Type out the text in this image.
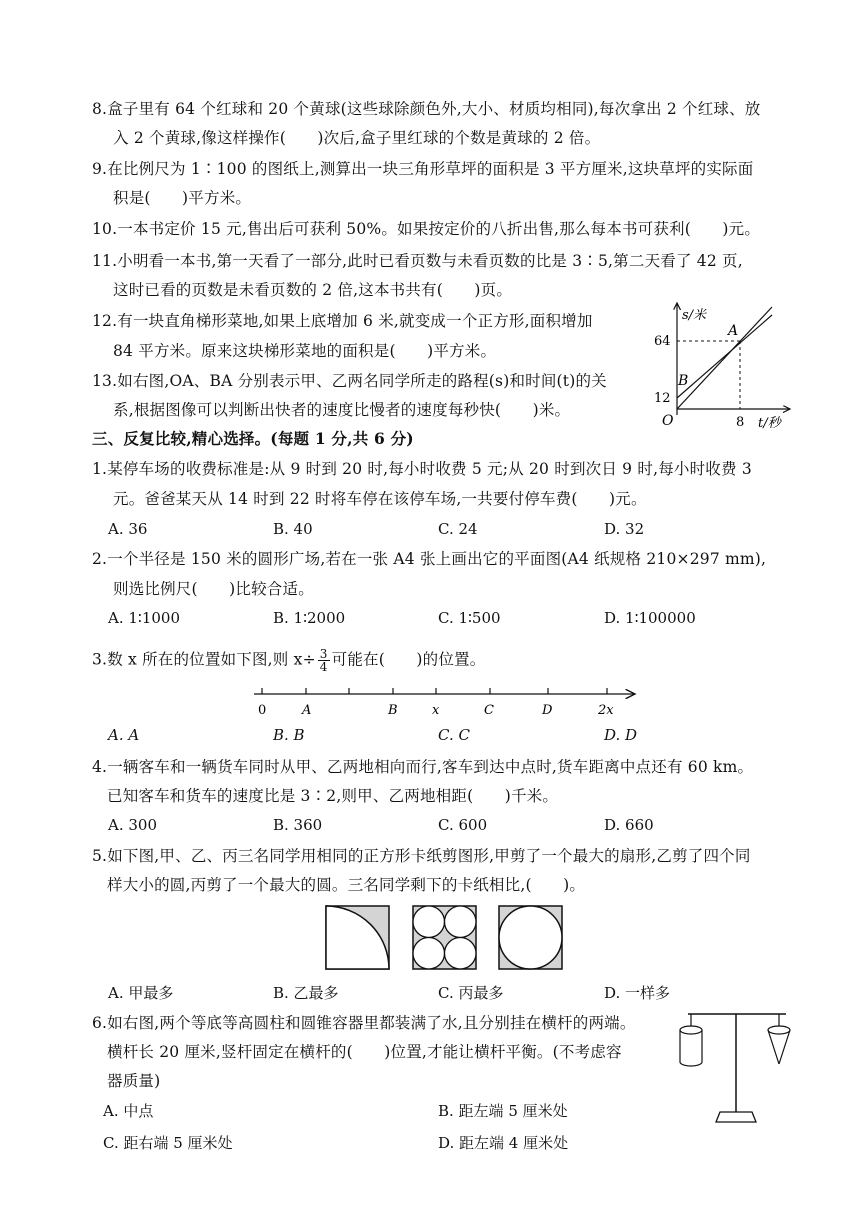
8.盒子里有 64 个红球和 20 个黄球(这些球除颜色外,大小、材质均相同),每次拿出 2 个红球、放
入 2 个黄球,像这样操作(　　)次后,盒子里红球的个数是黄球的 2 倍。
9.在比例尺为 1∶100 的图纸上,测算出一块三角形草坪的面积是 3 平方厘米,这块草坪的实际面
积是(　　)平方米。
10.一本书定价 15 元,售出后可获利 50%。如果按定价的八折出售,那么每本书可获利(　　)元。
11.小明看一本书,第一天看了一部分,此时已看页数与未看页数的比是 3∶5,第二天看了 42 页,
这时已看的页数是未看页数的 2 倍,这本书共有(　　)页。
12.有一块直角梯形菜地,如果上底增加 6 米,就变成一个正方形,面积增加
84 平方米。原来这块梯形菜地的面积是(　　)平方米。
13.如右图,OA、BA 分别表示甲、乙两名同学所走的路程(s)和时间(t)的关
系,根据图像可以判断出快者的速度比慢者的速度每秒快(　　)米。
s/米
t/秒
O
A
B
64
12
8
三、反复比较,精心选择。(每题 1 分,共 6 分)
1.某停车场的收费标准是:从 9 时到 20 时,每小时收费 5 元;从 20 时到次日 9 时,每小时收费 3
元。爸爸某天从 14 时到 22 时将车停在该停车场,一共要付停车费(　　)元。
A. 36	B. 40	C. 24	D. 32
2.一个半径是 150 米的圆形广场,若在一张 A4 张上画出它的平面图(A4 纸规格 210×297 mm),
则选比例尺(　　)比较合适。
A. 1∶1000	B. 1∶2000	C. 1∶500	D. 1∶100000
3.数 x 所在的位置如下图,则 $x\div \frac{3}{4}$ 可能在(　　)的位置。
0	A	B	x	C	D	2x
A. A	B. B	C. C	D. D
4.一辆客车和一辆货车同时从甲、乙两地相向而行,客车到达中点时,货车距离中点还有 60 km。
已知客车和货车的速度比是 3∶2,则甲、乙两地相距(　　)千米。
A. 300	B. 360	C. 600	D. 660
5.如下图,甲、乙、丙三名同学用相同的正方形卡纸剪图形,甲剪了一个最大的扇形,乙剪了四个同
样大小的圆,丙剪了一个最大的圆。三名同学剩下的卡纸相比,(　　)。
A. 甲最多	B. 乙最多	C. 丙最多	D. 一样多
6.如右图,两个等底等高圆柱和圆锥容器里都装满了水,且分别挂在横杆的两端。
横杆长 20 厘米,竖杆固定在横杆的(　　)位置,才能让横杆平衡。(不考虑容
器质量)
A. 中点	B. 距左端 5 厘米处
C. 距右端 5 厘米处	D. 距左端 4 厘米处
